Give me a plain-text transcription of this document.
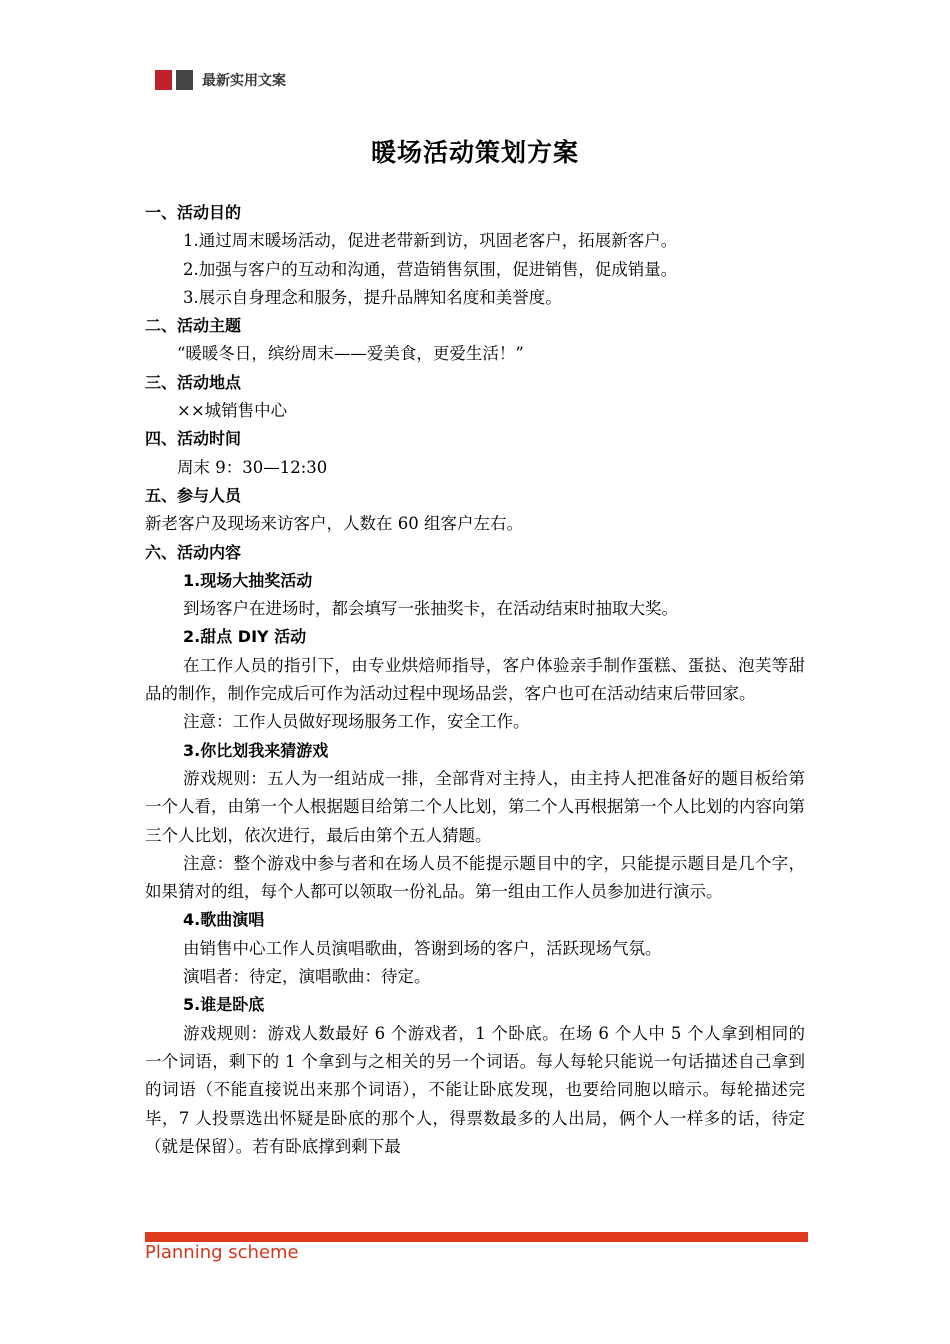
最新实用文案
暖场活动策划方案

一、活动目的

1.通过周末暖场活动，促进老带新到访，巩固老客户，拓展新客户。

2.加强与客户的互动和沟通，营造销售氛围，促进销售，促成销量。

3.展示自身理念和服务，提升品牌知名度和美誉度。

二、活动主题

“暖暖冬日，缤纷周末——爱美食，更爱生活！”

三、活动地点

××城销售中心

四、活动时间

周末 9：30—12:30

五、参与人员

新老客户及现场来访客户，人数在 60 组客户左右。

六、活动内容

1.现场大抽奖活动

到场客户在进场时，都会填写一张抽奖卡，在活动结束时抽取大奖。

2.甜点 DIY 活动

在工作人员的指引下，由专业烘焙师指导，客户体验亲手制作蛋糕、蛋挞、泡芙等甜品的制作，制作完成后可作为活动过程中现场品尝，客户也可在活动结束后带回家。

注意：工作人员做好现场服务工作，安全工作。

3.你比划我来猜游戏

游戏规则：五人为一组站成一排，全部背对主持人，由主持人把准备好的题目板给第一个人看，由第一个人根据题目给第二个人比划，第二个人再根据第一个人比划的内容向第三个人比划，依次进行，最后由第个五人猜题。

注意：整个游戏中参与者和在场人员不能提示题目中的字，只能提示题目是几个字，如果猜对的组，每个人都可以领取一份礼品。第一组由工作人员参加进行演示。

4.歌曲演唱

由销售中心工作人员演唱歌曲，答谢到场的客户，活跃现场气氛。

演唱者：待定，演唱歌曲：待定。

5.谁是卧底

游戏规则：游戏人数最好 6 个游戏者，1 个卧底。在场 6 个人中 5 个人拿到相同的一个词语，剩下的 1 个拿到与之相关的另一个词语。每人每轮只能说一句话描述自己拿到的词语（不能直接说出来那个词语），不能让卧底发现，也要给同胞以暗示。每轮描述完毕，7 人投票选出怀疑是卧底的那个人，得票数最多的人出局，俩个人一样多的话，待定（就是保留）。若有卧底撑到剩下最

Planning scheme
